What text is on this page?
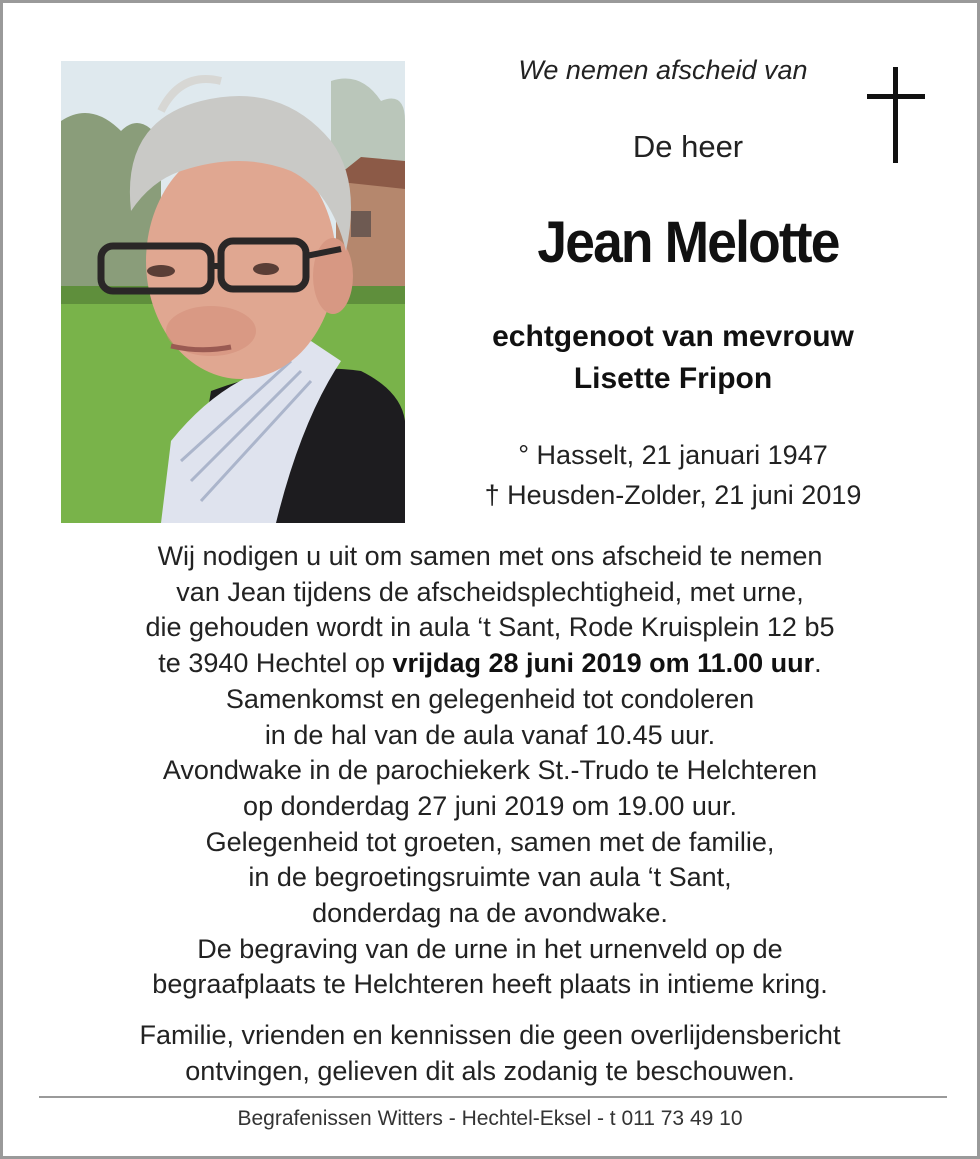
We nemen afscheid van
De heer
Jean Melotte
echtgenoot van mevrouw
Lisette Fripon
° Hasselt, 21 januari 1947
† Heusden-Zolder, 21 juni 2019
Wij nodigen u uit om samen met ons afscheid te nemen
van Jean tijdens de afscheidsplechtigheid, met urne,
die gehouden wordt in aula ‘t Sant, Rode Kruisplein 12 b5
te 3940 Hechtel op vrijdag 28 juni 2019 om 11.00 uur.
Samenkomst en gelegenheid tot condoleren
in de hal van de aula vanaf 10.45 uur.
Avondwake in de parochiekerk St.-Trudo te Helchteren
op donderdag 27 juni 2019 om 19.00 uur.
Gelegenheid tot groeten, samen met de familie,
in de begroetingsruimte van aula ‘t Sant,
donderdag na de avondwake.
De begraving van de urne in het urnenveld op de
begraafplaats te Helchteren heeft plaats in intieme kring.
Familie, vrienden en kennissen die geen overlijdensbericht
ontvingen, gelieven dit als zodanig te beschouwen.
Begrafenissen Witters - Hechtel-Eksel - t 011 73 49 10
